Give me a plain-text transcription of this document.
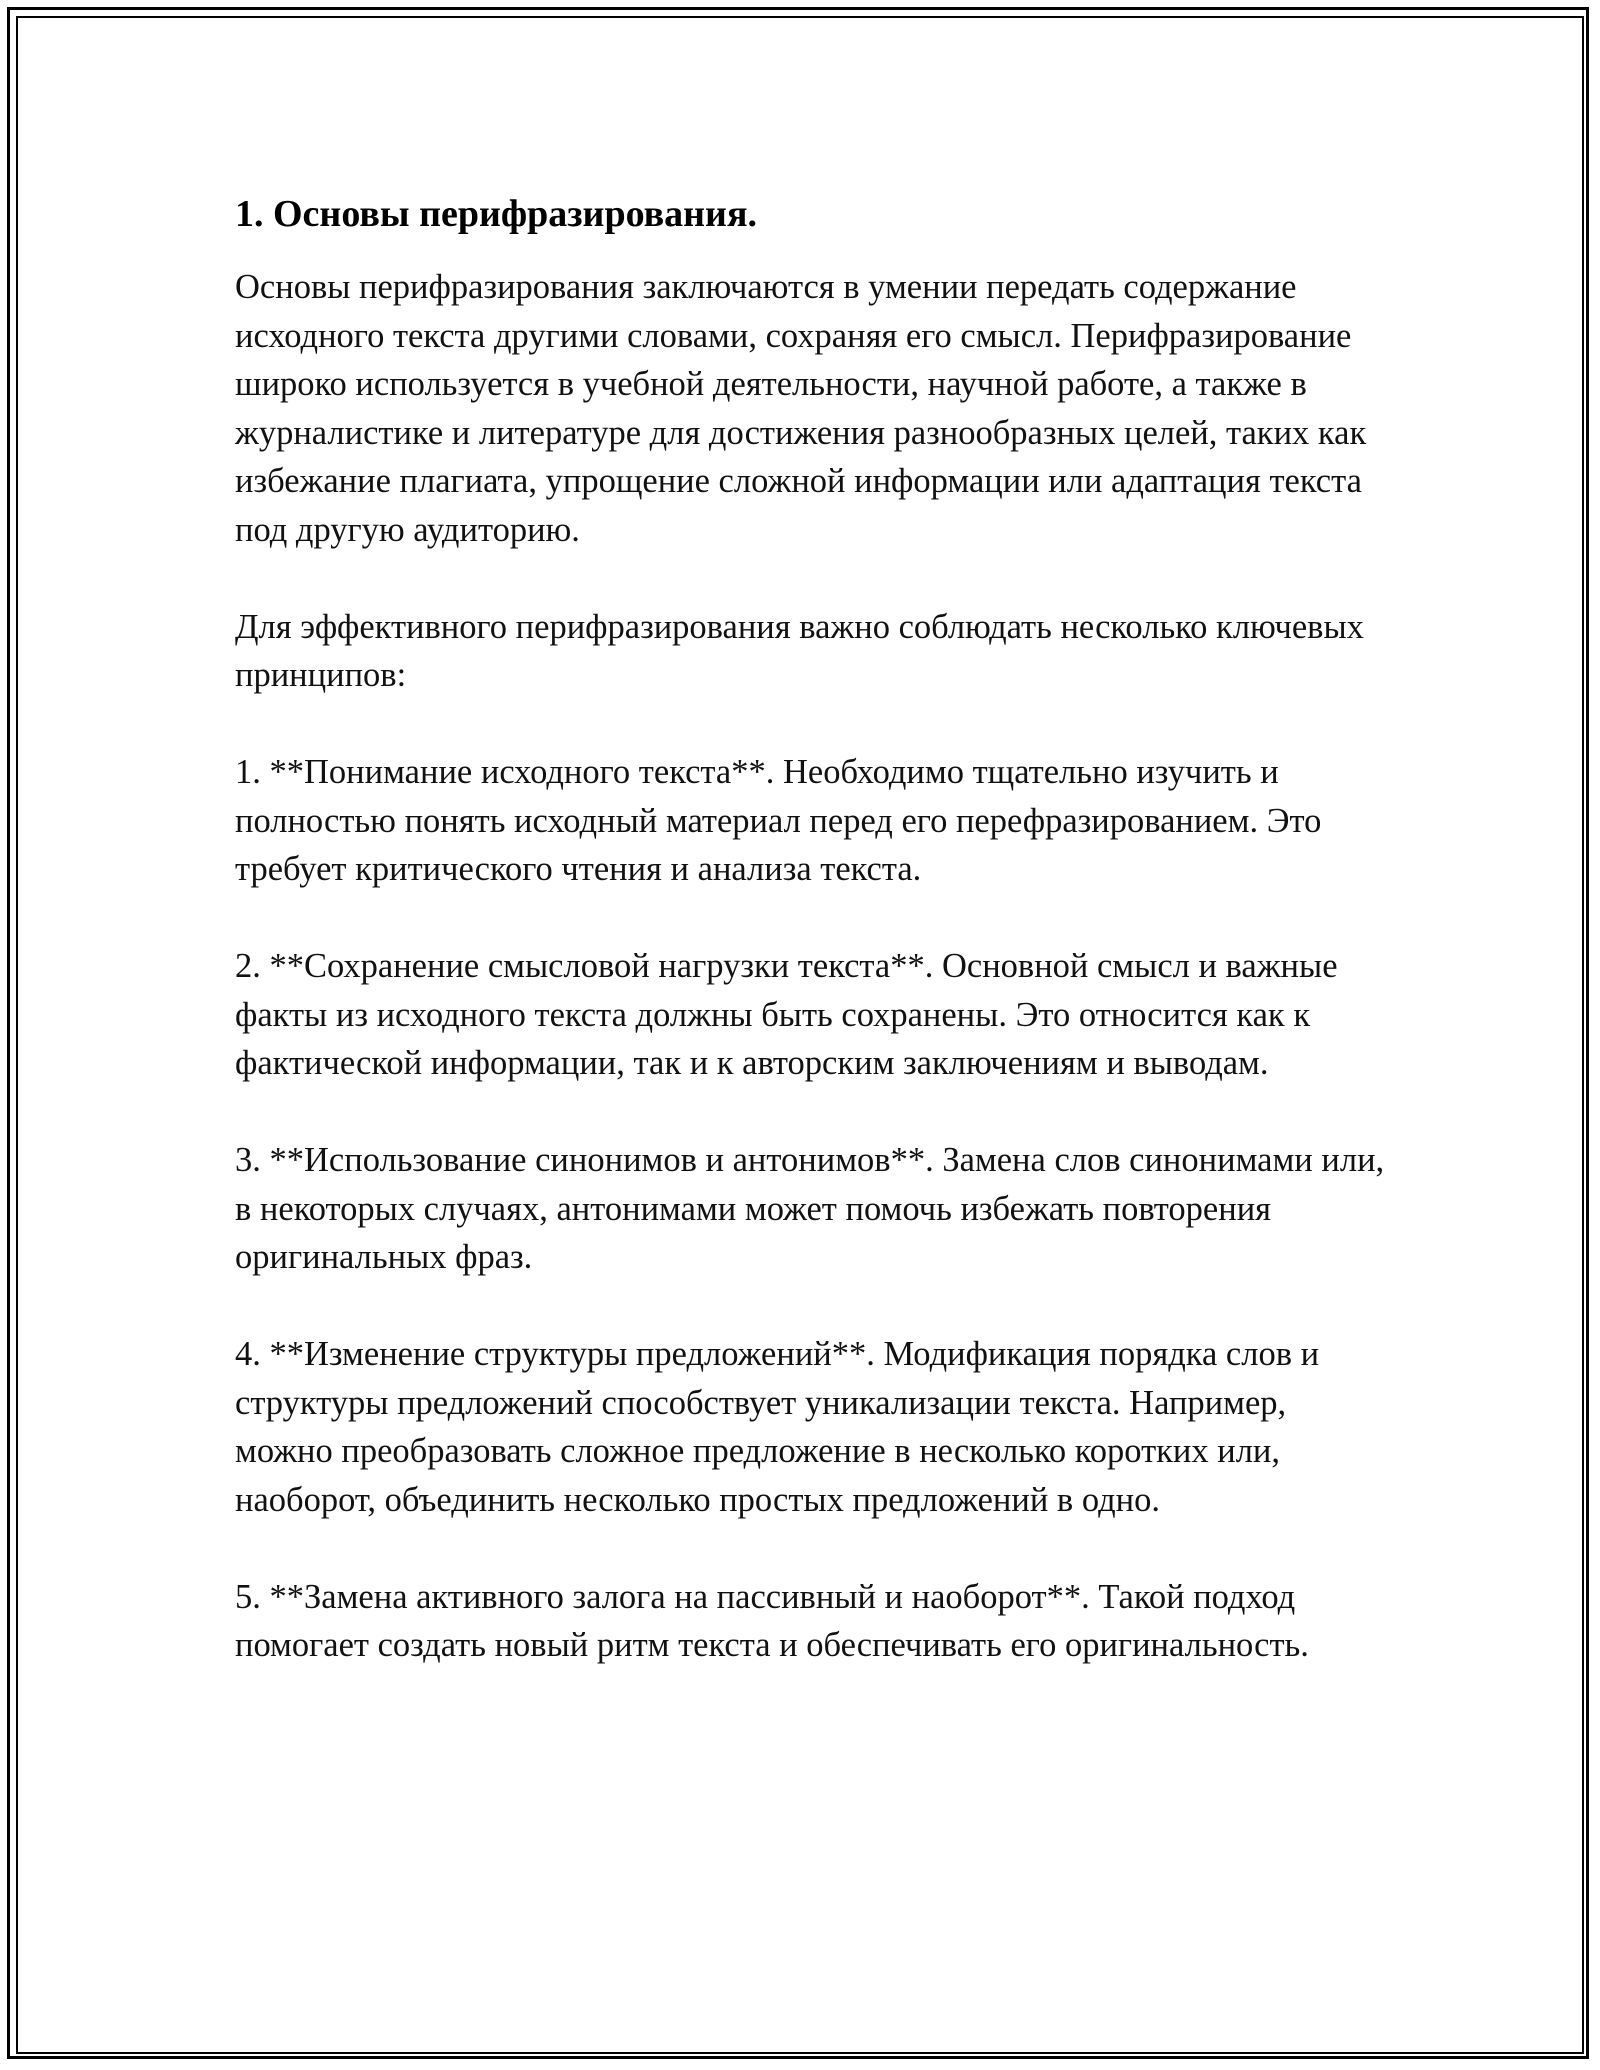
1. Основы перифразирования.

Основы перифразирования заключаются в умении передать содержание исходного текста другими словами, сохраняя его смысл. Перифразирование широко используется в учебной деятельности, научной работе, а также в журналистике и литературе для достижения разнообразных целей, таких как избежание плагиата, упрощение сложной информации или адаптация текста под другую аудиторию.

Для эффективного перифразирования важно соблюдать несколько ключевых принципов:

1. **Понимание исходного текста**. Необходимо тщательно изучить и полностью понять исходный материал перед его перефразированием. Это требует критического чтения и анализа текста.

2. **Сохранение смысловой нагрузки текста**. Основной смысл и важные факты из исходного текста должны быть сохранены. Это относится как к фактической информации, так и к авторским заключениям и выводам.

3. **Использование синонимов и антонимов**. Замена слов синонимами или, в некоторых случаях, антонимами может помочь избежать повторения оригинальных фраз.

4. **Изменение структуры предложений**. Модификация порядка слов и структуры предложений способствует уникализации текста. Например, можно преобразовать сложное предложение в несколько коротких или, наоборот, объединить несколько простых предложений в одно.

5. **Замена активного залога на пассивный и наоборот**. Такой подход помогает создать новый ритм текста и обеспечивать его оригинальность.
